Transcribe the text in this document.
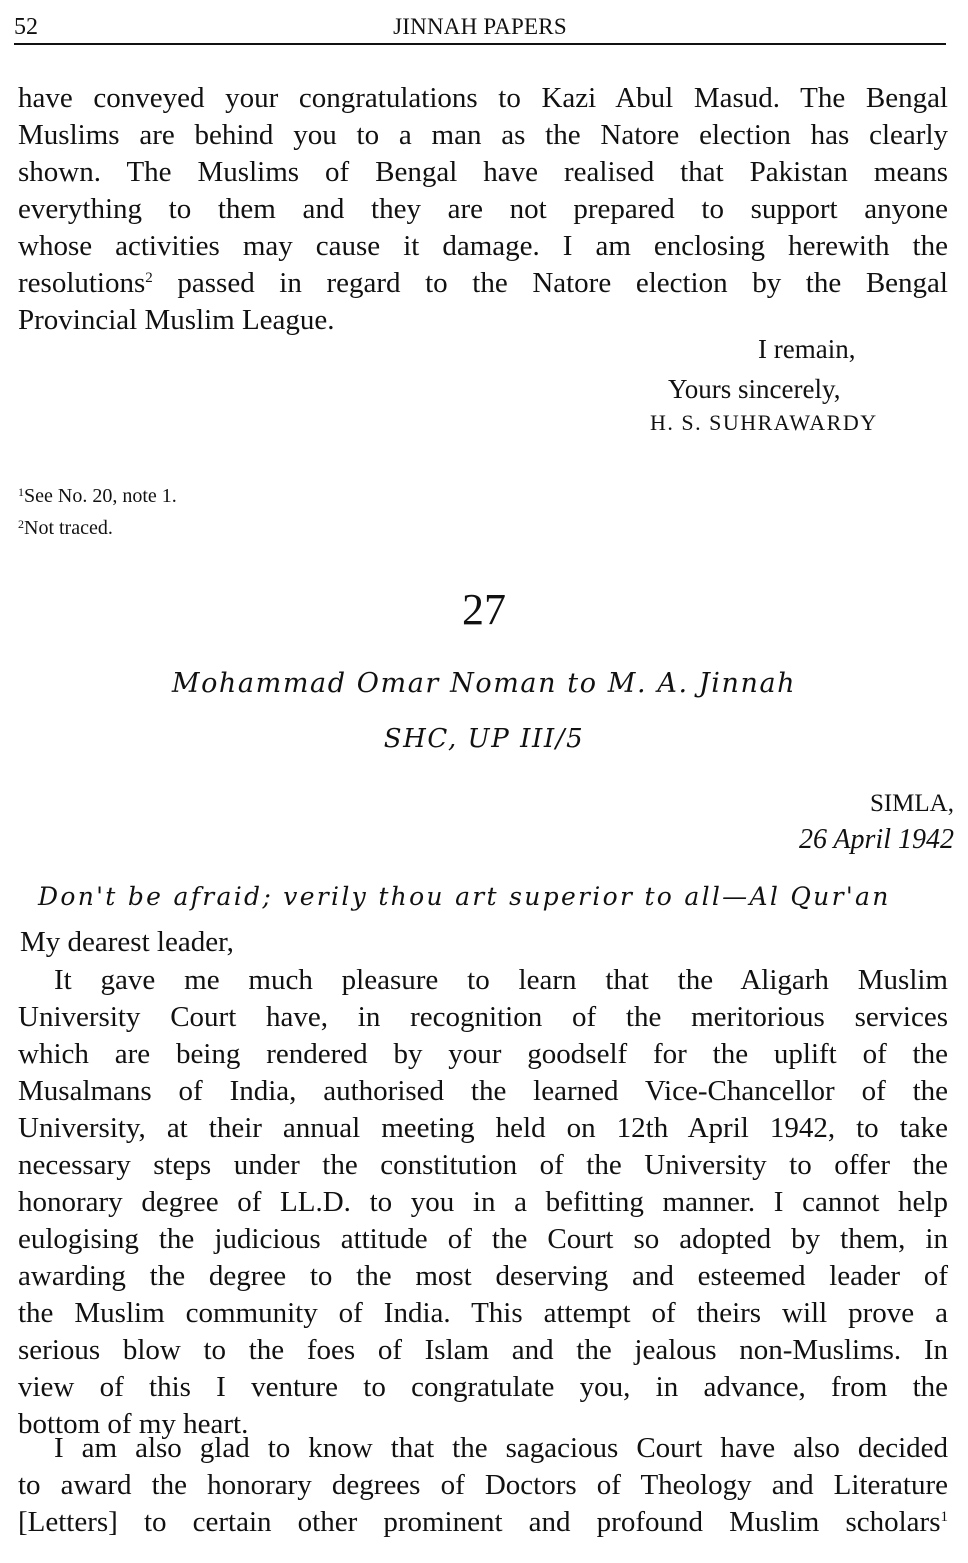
52	JINNAH PAPERS
have conveyed your congratulations to Kazi Abul Masud. The Bengal
Muslims are behind you to a man as the Natore election has clearly
shown. The Muslims of Bengal have realised that Pakistan means
everything to them and they are not prepared to support anyone
whose activities may cause it damage. I am enclosing herewith the
resolutions$^2$ passed in regard to the Natore election by the Bengal
Provincial Muslim League.
I remain,
Yours sincerely,
H. S. SUHRAWARDY
$^1$See No. 20, note 1.
$^2$Not traced.
27
Mohammad Omar Noman to M. A. Jinnah
SHC, UP III/5
SIMLA,
26 April 1942
Don't be afraid; verily thou art superior to all—Al Qur'an
My dearest leader,
It gave me much pleasure to learn that the Aligarh Muslim
University Court have, in recognition of the meritorious services
which are being rendered by your goodself for the uplift of the
Musalmans of India, authorised the learned Vice-Chancellor of the
University, at their annual meeting held on 12th April 1942, to take
necessary steps under the constitution of the University to offer the
honorary degree of LL.D. to you in a befitting manner. I cannot help
eulogising the judicious attitude of the Court so adopted by them, in
awarding the degree to the most deserving and esteemed leader of
the Muslim community of India. This attempt of theirs will prove a
serious blow to the foes of Islam and the jealous non-Muslims. In
view of this I venture to congratulate you, in advance, from the
bottom of my heart.
I am also glad to know that the sagacious Court have also decided
to award the honorary degrees of Doctors of Theology and Literature
[Letters] to certain other prominent and profound Muslim scholars$^1$
